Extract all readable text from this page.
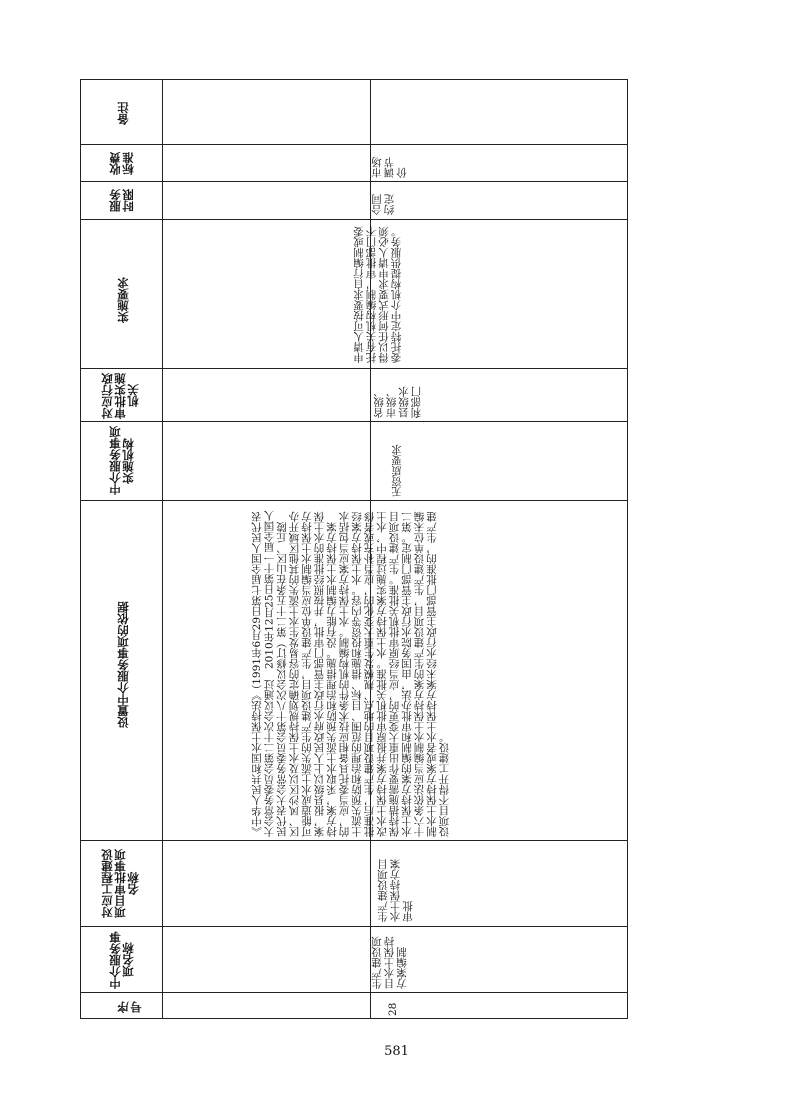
备注
收费标准
服务时限
实施要求
对应行政审批实施机关
中介服务事项实施机构
设置中介服务事项的依据
对应工程建设项目审批事项名称
中介服务事项名称
序号
市场调节价
合同约定
申请人可按要求自行编制或委托有关机构编制，审批部门不得以任何形式要求申请人必须委托特定中介机构提供服务。
省级、市级、县级水利部门
无资质要求
《中华人民共和国水土保持法》（1991年6月29日第七届全国人民代表大会常务委员会第二十次会议通过　2010年12月25日第十一届全国人民代表大会常务委员会第十八次会议修订）第二十五条在山区、丘陵区、风沙区以及水土保持规划确定的容易发生水土流失的其他区域开办可能造成水土流失的生产建设项目，生产建设单位应当编制水土保持方案，报县级以上人民政府水行政主管部门审批，并按照经批准的水土保持方案，采取水土流失预防和治理措施。没有能力编制水土保持方案的，应当委托具备相应技术条件的机构编制。水土保持方案应当包括水土流失预防和治理的范围、目标、措施和投资等内容。水土保持方案经批准后，生产建设项目的地点、规模发生重大变化的，应当补充或者修改水土保持方案并报原审批机关批准。水土保持方案实施过程中，水土保持措施需要作出重大变更的，应当经原审批机关批准。生产建设项目水土保持方案的编制和审批办法，由国务院水行政主管部门制定。第二十六条依法应当编制水土保持方案的生产建设项目，生产建设单位未编制水土保持方案或者水土保持方案未经水行政主管部门批准的，生产建设项目不得开工建设。
生产建设项目水土保持方案审批
生产建设项目水土保持方案编制
28
581
